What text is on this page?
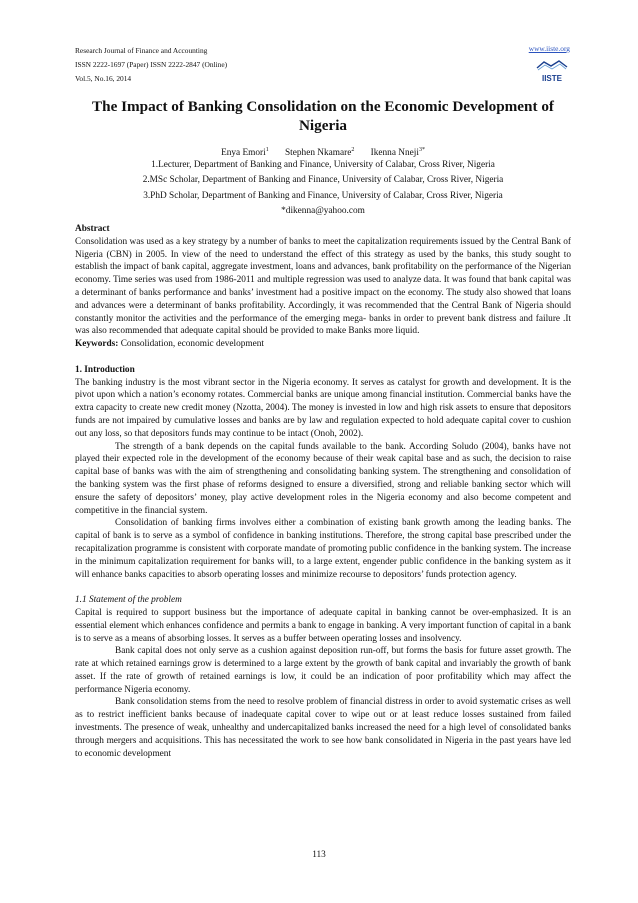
Research Journal of Finance and Accounting
ISSN 2222-1697 (Paper) ISSN 2222-2847 (Online)
Vol.5, No.16, 2014
www.iiste.org
IISTE
The Impact of Banking Consolidation on the Economic Development of Nigeria
Enya Emori$^1$ Stephen Nkamare$^2$ Ikenna Nneji$^{3*}$
1.Lecturer, Department of Banking and Finance, University of Calabar, Cross River, Nigeria
2.MSc Scholar, Department of Banking and Finance, University of Calabar, Cross River, Nigeria
3.PhD Scholar, Department of Banking and Finance, University of Calabar, Cross River, Nigeria
*dikenna@yahoo.com

Abstract

Consolidation was used as a key strategy by a number of banks to meet the capitalization requirements issued by the Central Bank of Nigeria (CBN) in 2005. In view of the need to understand the effect of this strategy as used by the banks, this study sought to establish the impact of bank capital, aggregate investment, loans and advances, bank profitability on the performance of the Nigerian economy. Time series was used from 1986-2011 and multiple regression was used to analyze data. It was found that bank capital was a determinant of banks performance and banks’ investment had a positive impact on the economy. The study also showed that loans and advances were a determinant of banks profitability. Accordingly, it was recommended that the Central Bank of Nigeria should constantly monitor the activities and the performance of the emerging mega- banks in order to prevent bank distress and failure .It was also recommended that adequate capital should be provided to make Banks more liquid.

Keywords: Consolidation, economic development

1. Introduction

The banking industry is the most vibrant sector in the Nigeria economy. It serves as catalyst for growth and development. It is the pivot upon which a nation’s economy rotates. Commercial banks are unique among financial institution. Commercial banks have the extra capacity to create new credit money (Nzotta, 2004). The money is invested in low and high risk assets to ensure that depositors funds are not impaired by cumulative losses and banks are by law and regulation expected to hold adequate capital cover to cushion out any loss, so that depositors funds may continue to be intact (Onoh, 2002).

The strength of a bank depends on the capital funds available to the bank. According Soludo (2004), banks have not played their expected role in the development of the economy because of their weak capital base and as such, the decision to raise capital base of banks was with the aim of strengthening and consolidating banking system. The strengthening and consolidation of the banking system was the first phase of reforms designed to ensure a diversified, strong and reliable banking sector which will ensure the safety of depositors’ money, play active development roles in the Nigeria economy and also become competent and competitive in the financial system.

Consolidation of banking firms involves either a combination of existing bank growth among the leading banks. The capital of bank is to serve as a symbol of confidence in banking institutions. Therefore, the strong capital base prescribed under the recapitalization programme is consistent with corporate mandate of promoting public confidence in the banking system. The increase in the minimum capitalization requirement for banks will, to a large extent, engender public confidence in the banking system as it will enhance banks capacities to absorb operating losses and minimize recourse to depositors’ funds protection agency.

1.1 Statement of the problem

Capital is required to support business but the importance of adequate capital in banking cannot be over-emphasized. It is an essential element which enhances confidence and permits a bank to engage in banking. A very important function of capital in a bank is to serve as a means of absorbing losses. It serves as a buffer between operating losses and insolvency.

Bank capital does not only serve as a cushion against deposition run-off, but forms the basis for future asset growth. The rate at which retained earnings grow is determined to a large extent by the growth of bank capital and invariably the growth of bank asset. If the rate of growth of retained earnings is low, it could be an indication of poor profitability which may affect the performance Nigeria economy.

Bank consolidation stems from the need to resolve problem of financial distress in order to avoid systematic crises as well as to restrict inefficient banks because of inadequate capital cover to wipe out or at least reduce losses sustained from failed investments. The presence of weak, unhealthy and undercapitalized banks increased the need for a high level of consolidated banks through mergers and acquisitions. This has necessitated the work to see how bank consolidated in Nigeria in the past years have led to economic development

113
